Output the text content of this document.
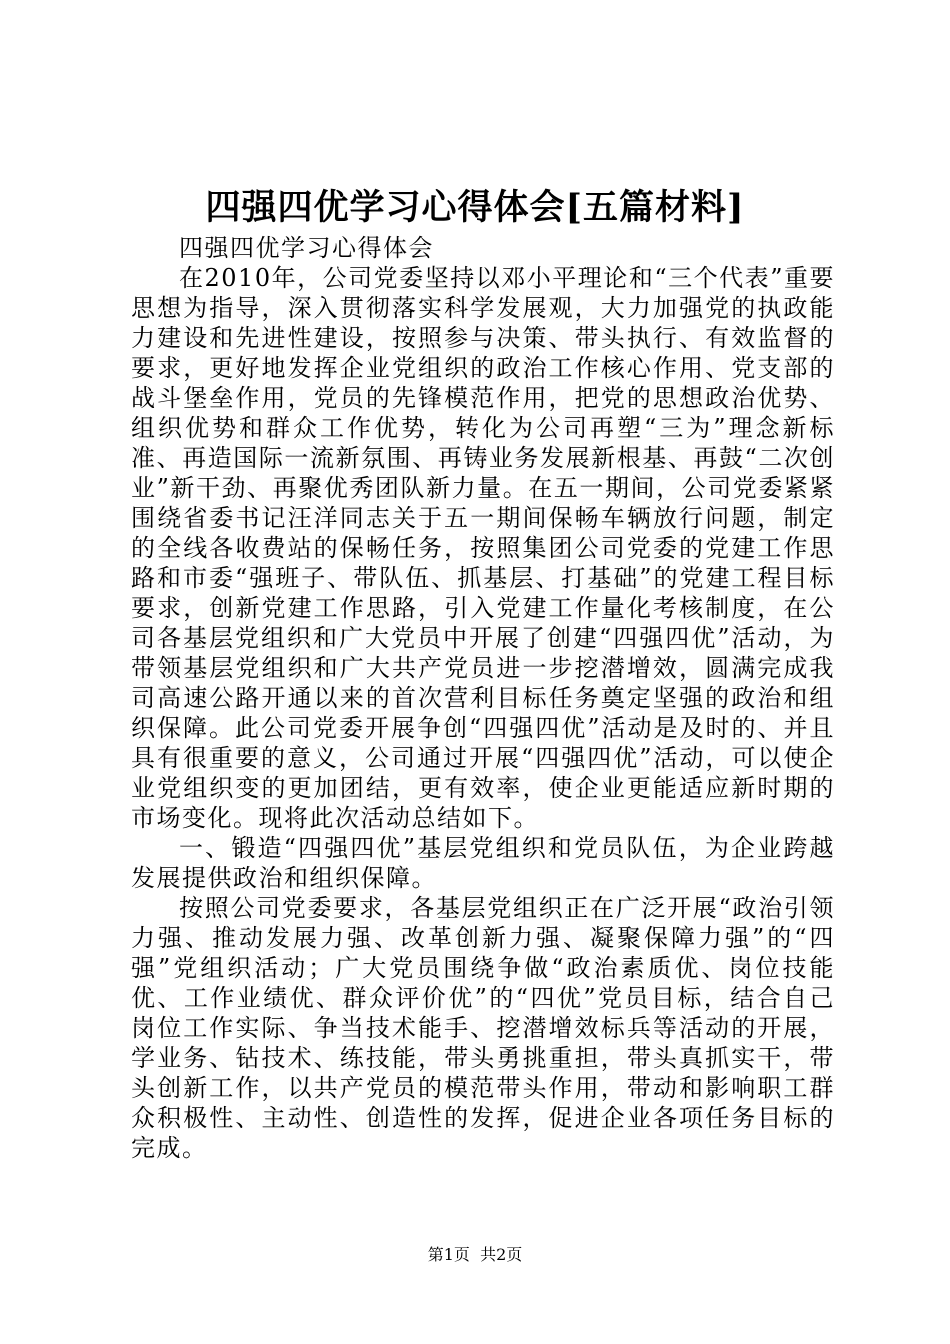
四强四优学习心得体会[五篇材料]

四强四优学习心得体会

在2010年，公司党委坚持以邓小平理论和“三个代表”重要思想为指导，深入贯彻落实科学发展观，大力加强党的执政能力建设和先进性建设，按照参与决策、带头执行、有效监督的要求，更好地发挥企业党组织的政治工作核心作用、党支部的战斗堡垒作用，党员的先锋模范作用，把党的思想政治优势、组织优势和群众工作优势，转化为公司再塑“三为”理念新标准、再造国际一流新氛围、再铸业务发展新根基、再鼓“二次创业”新干劲、再聚优秀团队新力量。在五一期间，公司党委紧紧围绕省委书记汪洋同志关于五一期间保畅车辆放行问题，制定的全线各收费站的保畅任务，按照集团公司党委的党建工作思路和市委“强班子、带队伍、抓基层、打基础”的党建工程目标要求，创新党建工作思路，引入党建工作量化考核制度，在公司各基层党组织和广大党员中开展了创建“四强四优”活动，为带领基层党组织和广大共产党员进一步挖潜增效，圆满完成我司高速公路开通以来的首次营利目标任务奠定坚强的政治和组织保障。此公司党委开展争创“四强四优”活动是及时的、并且具有很重要的意义，公司通过开展“四强四优”活动，可以使企业党组织变的更加团结，更有效率，使企业更能适应新时期的市场变化。现将此次活动总结如下。

一、锻造“四强四优”基层党组织和党员队伍，为企业跨越发展提供政治和组织保障。

按照公司党委要求，各基层党组织正在广泛开展“政治引领力强、推动发展力强、改革创新力强、凝聚保障力强”的“四强”党组织活动；广大党员围绕争做“政治素质优、岗位技能优、工作业绩优、群众评价优”的“四优”党员目标，结合自己岗位工作实际、争当技术能手、挖潜增效标兵等活动的开展，学业务、钻技术、练技能，带头勇挑重担，带头真抓实干，带头创新工作，以共产党员的模范带头作用，带动和影响职工群众积极性、主动性、创造性的发挥，促进企业各项任务目标的完成。

第1页  共2页
